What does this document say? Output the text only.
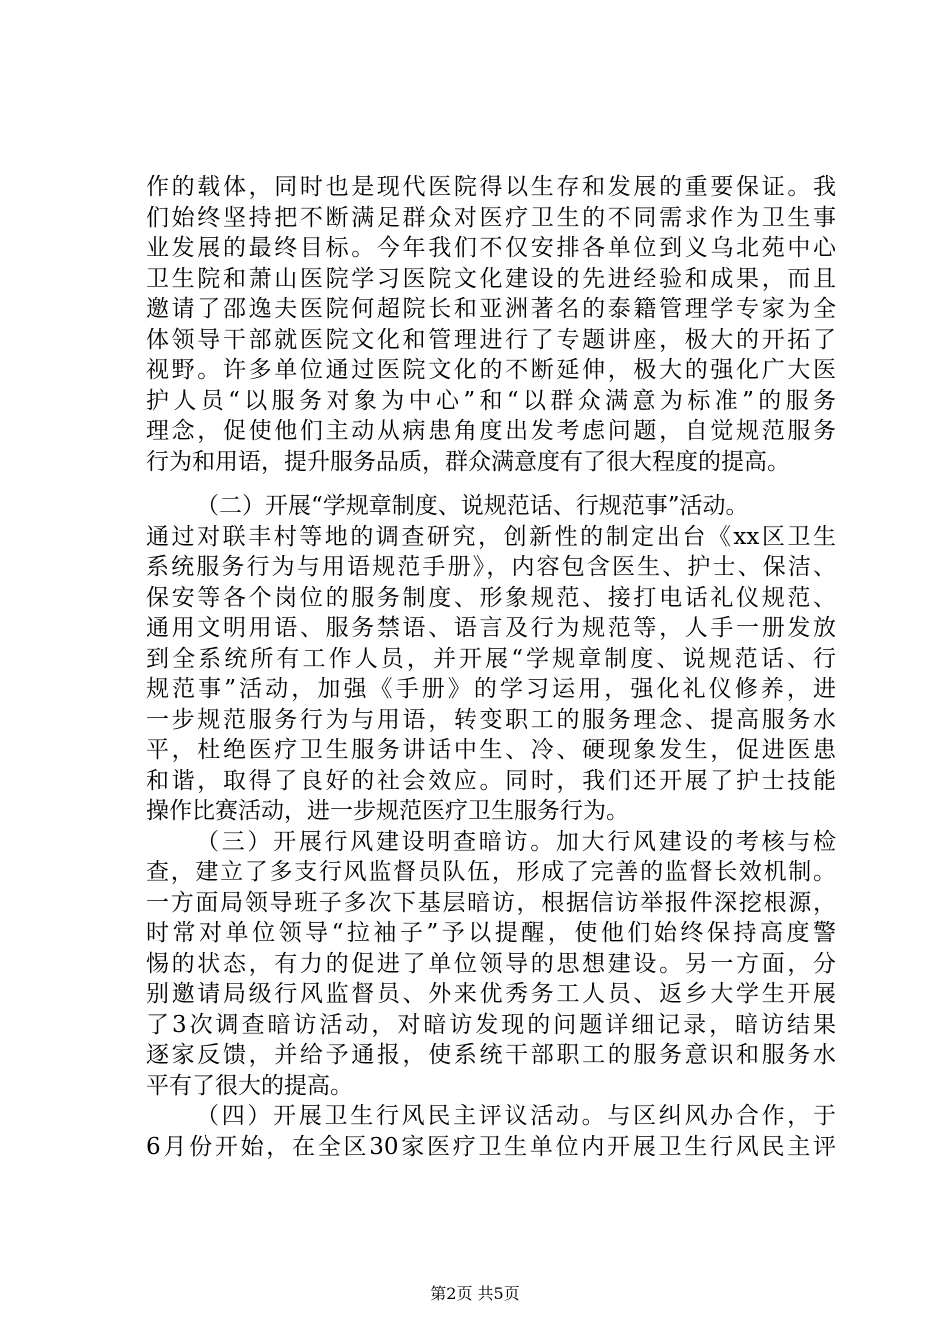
作的载体，同时也是现代医院得以生存和发展的重要保证。我

们始终坚持把不断满足群众对医疗卫生的不同需求作为卫生事

业发展的最终目标。今年我们不仅安排各单位到义乌北苑中心

卫生院和萧山医院学习医院文化建设的先进经验和成果，而且

邀请了邵逸夫医院何超院长和亚洲著名的泰籍管理学专家为全

体领导干部就医院文化和管理进行了专题讲座，极大的开拓了

视野。许多单位通过医院文化的不断延伸，极大的强化广大医

护人员“以服务对象为中心”和“以群众满意为标准”的服务

理念，促使他们主动从病患角度出发考虑问题，自觉规范服务

行为和用语，提升服务品质，群众满意度有了很大程度的提高。

（二）开展“学规章制度、说规范话、行规范事”活动。

通过对联丰村等地的调查研究，创新性的制定出台《xx区卫生

系统服务行为与用语规范手册》，内容包含医生、护士、保洁、

保安等各个岗位的服务制度、形象规范、接打电话礼仪规范、

通用文明用语、服务禁语、语言及行为规范等，人手一册发放

到全系统所有工作人员，并开展“学规章制度、说规范话、行

规范事”活动，加强《手册》的学习运用，强化礼仪修养，进

一步规范服务行为与用语，转变职工的服务理念、提高服务水

平，杜绝医疗卫生服务讲话中生、冷、硬现象发生，促进医患

和谐，取得了良好的社会效应。同时，我们还开展了护士技能

操作比赛活动，进一步规范医疗卫生服务行为。

（三）开展行风建设明查暗访。加大行风建设的考核与检

查，建立了多支行风监督员队伍，形成了完善的监督长效机制。

一方面局领导班子多次下基层暗访，根据信访举报件深挖根源，

时常对单位领导“拉袖子”予以提醒，使他们始终保持高度警

惕的状态，有力的促进了单位领导的思想建设。另一方面，分

别邀请局级行风监督员、外来优秀务工人员、返乡大学生开展

了3次调查暗访活动，对暗访发现的问题详细记录，暗访结果

逐家反馈，并给予通报，使系统干部职工的服务意识和服务水

平有了很大的提高。

（四）开展卫生行风民主评议活动。与区纠风办合作，于

6月份开始，在全区30家医疗卫生单位内开展卫生行风民主评

第2页 共5页
